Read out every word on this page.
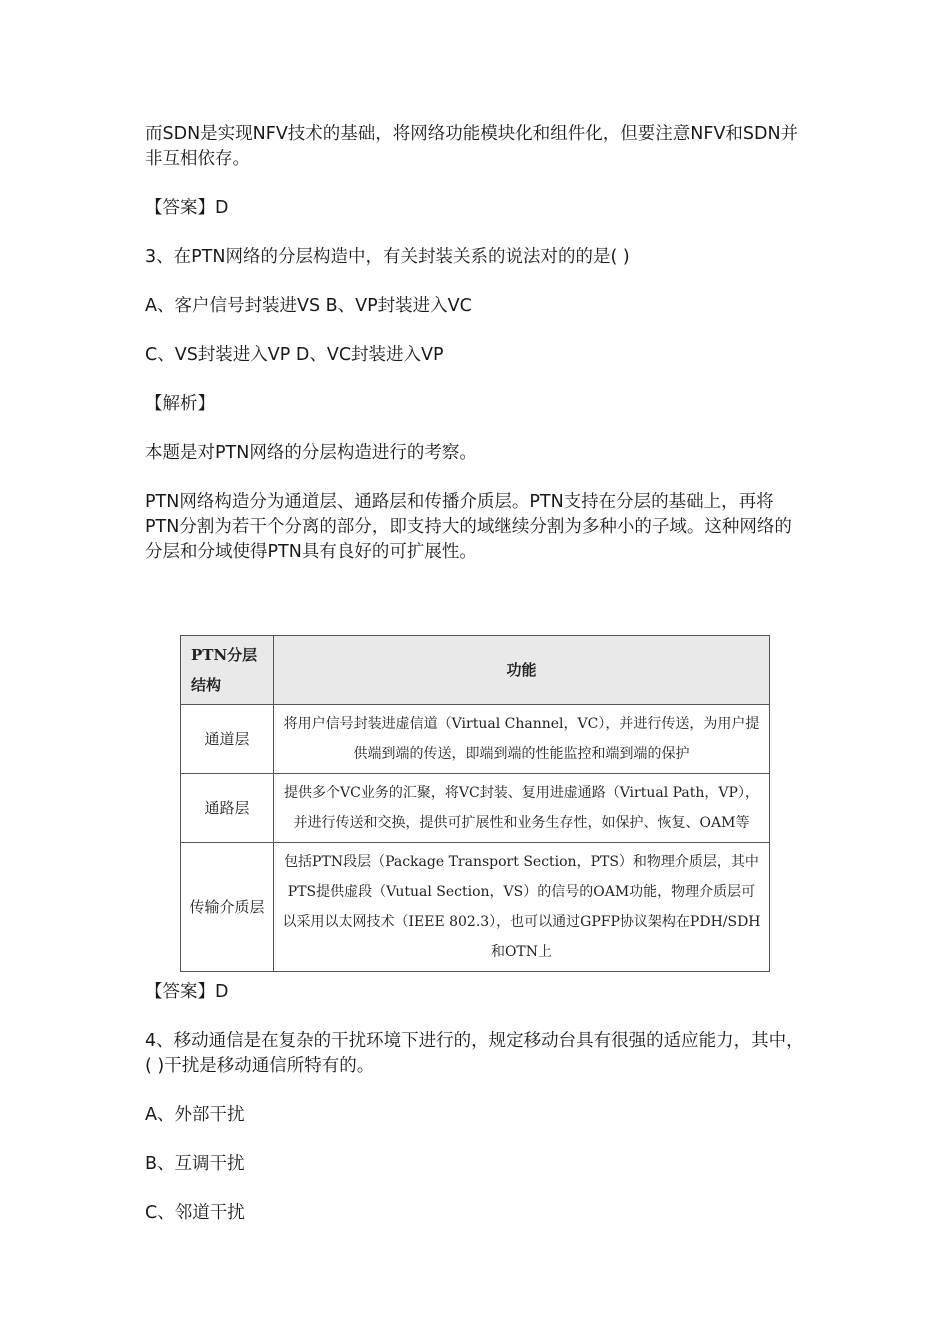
而SDN是实现NFV技术的基础，将网络功能模块化和组件化，但要注意NFV和SDN并非互相依存。

【答案】D

3、在PTN网络的分层构造中，有关封装关系的说法对的的是( )

A、客户信号封装进VS B、VP封装进入VC

C、VS封装进入VP D、VC封装进入VP

【解析】

本题是对PTN网络的分层构造进行的考察。

PTN网络构造分为通道层、通路层和传播介质层。PTN支持在分层的基础上，再将PTN分割为若干个分离的部分，即支持大的域继续分割为多种小的子域。这种网络的分层和分域使得PTN具有良好的可扩展性。

PTN分层结构	功能
通道层	将用户信号封装进虚信道（Virtual Channel，VC），并进行传送，为用户提供端到端的传送，即端到端的性能监控和端到端的保护
通路层	提供多个VC业务的汇聚，将VC封装、复用进虚通路（Virtual Path，VP），并进行传送和交换，提供可扩展性和业务生存性，如保护、恢复、OAM等
传输介质层	包括PTN段层（Package Transport Section，PTS）和物理介质层，其中PTS提供虚段（Vutual Section，VS）的信号的OAM功能，物理介质层可以采用以太网技术（IEEE 802.3），也可以通过GPFP协议架构在PDH/SDH和OTN上

【答案】D

4、移动通信是在复杂的干扰环境下进行的，规定移动台具有很强的适应能力，其中，( )干扰是移动通信所特有的。

A、外部干扰

B、互调干扰

C、邻道干扰
